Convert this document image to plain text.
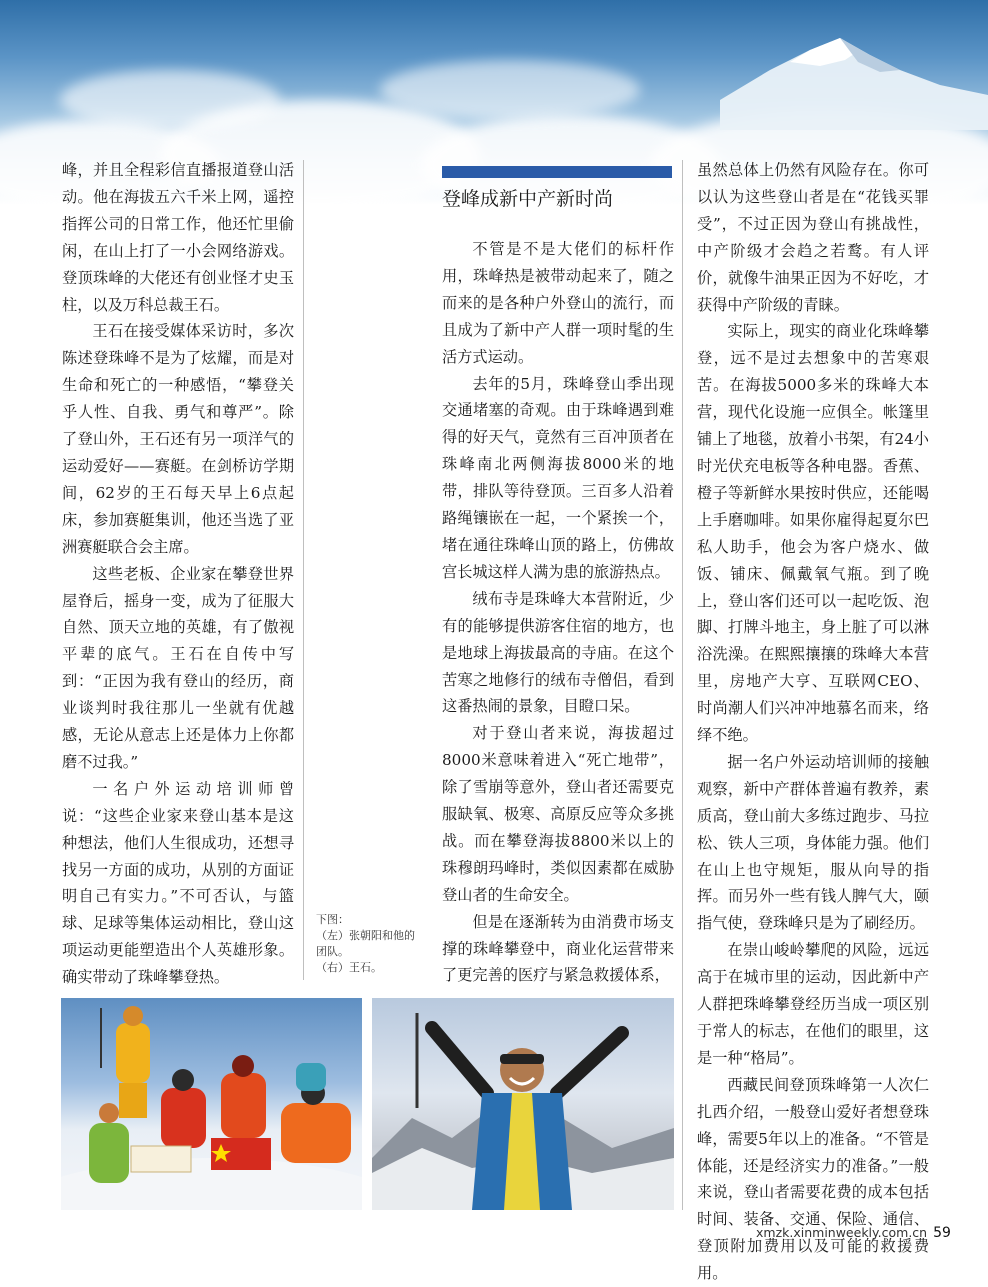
峰，并且全程彩信直播报道登山活动。他在海拔五六千米上网，遥控指挥公司的日常工作，他还忙里偷闲，在山上打了一小会网络游戏。登顶珠峰的大佬还有创业怪才史玉柱，以及万科总裁王石。

王石在接受媒体采访时，多次陈述登珠峰不是为了炫耀，而是对生命和死亡的一种感悟，“攀登关乎人性、自我、勇气和尊严”。除了登山外，王石还有另一项洋气的运动爱好——赛艇。在剑桥访学期间，62岁的王石每天早上6点起床，参加赛艇集训，他还当选了亚洲赛艇联合会主席。

这些老板、企业家在攀登世界屋脊后，摇身一变，成为了征服大自然、顶天立地的英雄，有了傲视平辈的底气。王石在自传中写到：“正因为我有登山的经历，商业谈判时我往那儿一坐就有优越感，无论从意志上还是体力上你都磨不过我。”

一名户外运动培训师曾说：“这些企业家来登山基本是这种想法，他们人生很成功，还想寻找另一方面的成功，从别的方面证明自己有实力。”不可否认，与篮球、足球等集体运动相比，登山这项运动更能塑造出个人英雄形象。确实带动了珠峰攀登热。

登峰成新中产新时尚

不管是不是大佬们的标杆作用，珠峰热是被带动起来了，随之而来的是各种户外登山的流行，而且成为了新中产人群一项时髦的生活方式运动。

去年的5月，珠峰登山季出现交通堵塞的奇观。由于珠峰遇到难得的好天气，竟然有三百冲顶者在珠峰南北两侧海拔8000米的地带，排队等待登顶。三百多人沿着路绳镶嵌在一起，一个紧挨一个，堵在通往珠峰山顶的路上，仿佛故宫长城这样人满为患的旅游热点。

绒布寺是珠峰大本营附近，少有的能够提供游客住宿的地方，也是地球上海拔最高的寺庙。在这个苦寒之地修行的绒布寺僧侣，看到这番热闹的景象，目瞪口呆。

对于登山者来说，海拔超过8000米意味着进入“死亡地带”，除了雪崩等意外，登山者还需要克服缺氧、极寒、高原反应等众多挑战。而在攀登海拔8800米以上的珠穆朗玛峰时，类似因素都在威胁登山者的生命安全。

但是在逐渐转为由消费市场支撑的珠峰攀登中，商业化运营带来了更完善的医疗与紧急救援体系，

虽然总体上仍然有风险存在。你可以认为这些登山者是在“花钱买罪受”，不过正因为登山有挑战性，中产阶级才会趋之若鹜。有人评价，就像牛油果正因为不好吃，才获得中产阶级的青睐。

实际上，现实的商业化珠峰攀登，远不是过去想象中的苦寒艰苦。在海拔5000多米的珠峰大本营，现代化设施一应俱全。帐篷里铺上了地毯，放着小书架，有24小时光伏充电板等各种电器。香蕉、橙子等新鲜水果按时供应，还能喝上手磨咖啡。如果你雇得起夏尔巴私人助手，他会为客户烧水、做饭、铺床、佩戴氧气瓶。到了晚上，登山客们还可以一起吃饭、泡脚、打牌斗地主，身上脏了可以淋浴洗澡。在熙熙攘攘的珠峰大本营里，房地产大亨、互联网CEO、时尚潮人们兴冲冲地慕名而来，络绎不绝。

据一名户外运动培训师的接触观察，新中产群体普遍有教养，素质高，登山前大多练过跑步、马拉松、铁人三项，身体能力强。他们在山上也守规矩，服从向导的指挥。而另外一些有钱人脾气大，颐指气使，登珠峰只是为了刷经历。

在崇山峻岭攀爬的风险，远远高于在城市里的运动，因此新中产人群把珠峰攀登经历当成一项区别于常人的标志，在他们的眼里，这是一种“格局”。

西藏民间登顶珠峰第一人次仁扎西介绍，一般登山爱好者想登珠峰，需要5年以上的准备。“不管是体能，还是经济实力的准备。”一般来说，登山者需要花费的成本包括时间、装备、交通、保险、通信、登顶附加费用以及可能的救援费用。

下图：
（左）张朝阳和他的团队。
（右）王石。
xmzk.xinminweekly.com.cn 59
